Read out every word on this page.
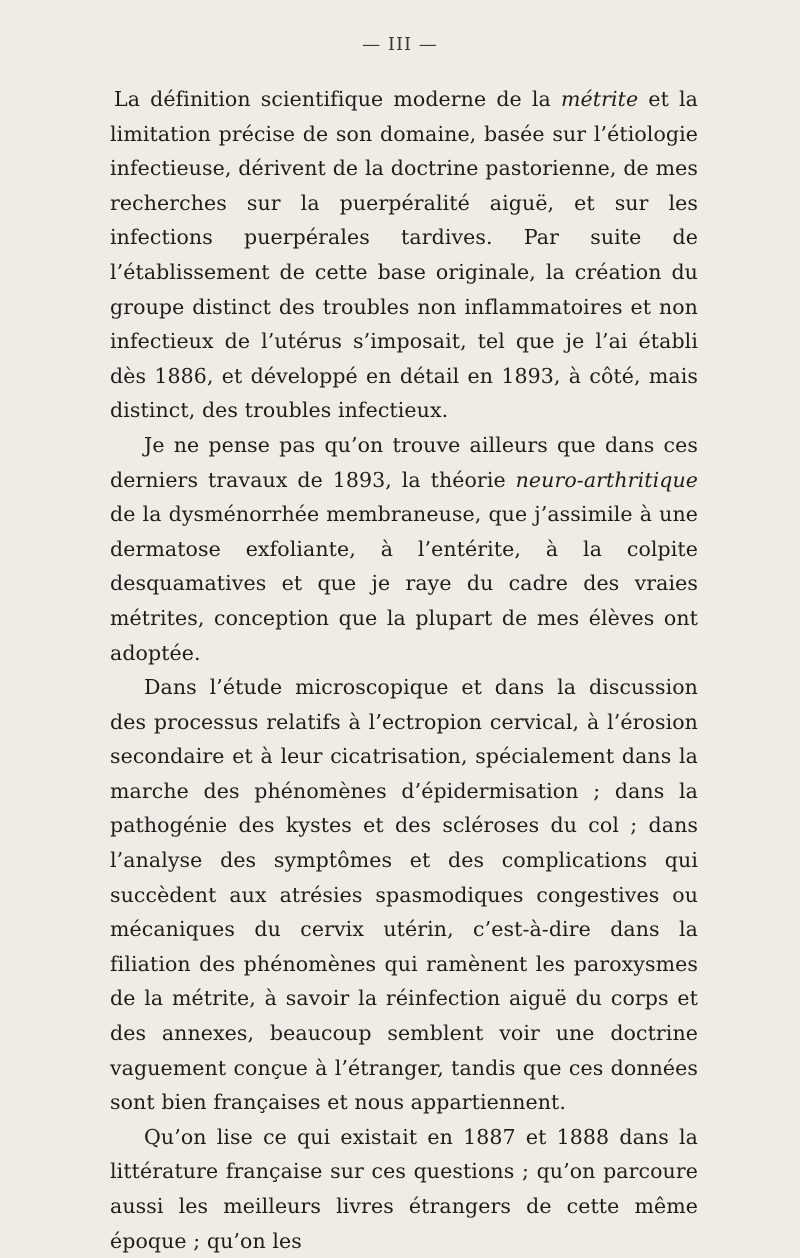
— III —

La définition scientifique moderne de la métrite et la limitation précise de son domaine, basée sur l’étiologie infectieuse, dérivent de la doctrine pastorienne, de mes recherches sur la puerpéralité aiguë, et sur les infections puerpérales tardives. Par suite de l’établissement de cette base originale, la création du groupe distinct des troubles non inflammatoires et non infectieux de l’utérus s’imposait, tel que je l’ai établi dès 1886, et développé en détail en 1893, à côté, mais distinct, des troubles infectieux.

Je ne pense pas qu’on trouve ailleurs que dans ces derniers travaux de 1893, la théorie neuro-arthritique de la dysménorrhée membraneuse, que j’assimile à une dermatose exfoliante, à l’entérite, à la colpite desquamatives et que je raye du cadre des vraies métrites, conception que la plupart de mes élèves ont adoptée.

Dans l’étude microscopique et dans la discussion des processus relatifs à l’ectropion cervical, à l’érosion secondaire et à leur cicatrisation, spécialement dans la marche des phénomènes d’épidermisation ; dans la pathogénie des kystes et des scléroses du col ; dans l’analyse des symptômes et des complications qui succèdent aux atrésies spasmodiques congestives ou mécaniques du cervix utérin, c’est-à-dire dans la filiation des phénomènes qui ramènent les paroxysmes de la métrite, à savoir la réinfection aiguë du corps et des annexes, beaucoup semblent voir une doctrine vaguement conçue à l’étranger, tandis que ces données sont bien françaises et nous appartiennent.

Qu’on lise ce qui existait en 1887 et 1888 dans la littérature française sur ces questions ; qu’on parcoure aussi les meilleurs livres étrangers de cette même époque ; qu’on les
